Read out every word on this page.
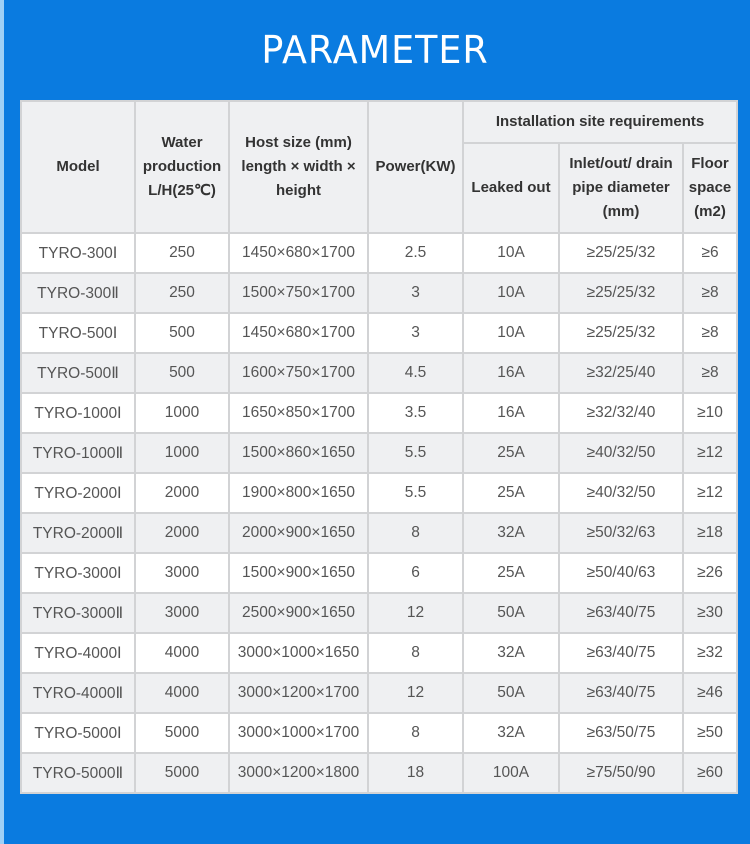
PARAMETER
Model	Water production L/H(25℃)	Host size (mm) length × width × height	Power(KW)	Installation site requirements		
				Leaked out	Inlet/out/ drain pipe diameter (mm)	Floor space (m2)
TYRO-300Ⅰ	250	1450×680×1700	2.5	10A	≥25/25/32	≥6
TYRO-300Ⅱ	250	1500×750×1700	3	10A	≥25/25/32	≥8
TYRO-500Ⅰ	500	1450×680×1700	3	10A	≥25/25/32	≥8
TYRO-500Ⅱ	500	1600×750×1700	4.5	16A	≥32/25/40	≥8
TYRO-1000Ⅰ	1000	1650×850×1700	3.5	16A	≥32/32/40	≥10
TYRO-1000Ⅱ	1000	1500×860×1650	5.5	25A	≥40/32/50	≥12
TYRO-2000Ⅰ	2000	1900×800×1650	5.5	25A	≥40/32/50	≥12
TYRO-2000Ⅱ	2000	2000×900×1650	8	32A	≥50/32/63	≥18
TYRO-3000Ⅰ	3000	1500×900×1650	6	25A	≥50/40/63	≥26
TYRO-3000Ⅱ	3000	2500×900×1650	12	50A	≥63/40/75	≥30
TYRO-4000Ⅰ	4000	3000×1000×1650	8	32A	≥63/40/75	≥32
TYRO-4000Ⅱ	4000	3000×1200×1700	12	50A	≥63/40/75	≥46
TYRO-5000Ⅰ	5000	3000×1000×1700	8	32A	≥63/50/75	≥50
TYRO-5000Ⅱ	5000	3000×1200×1800	18	100A	≥75/50/90	≥60
